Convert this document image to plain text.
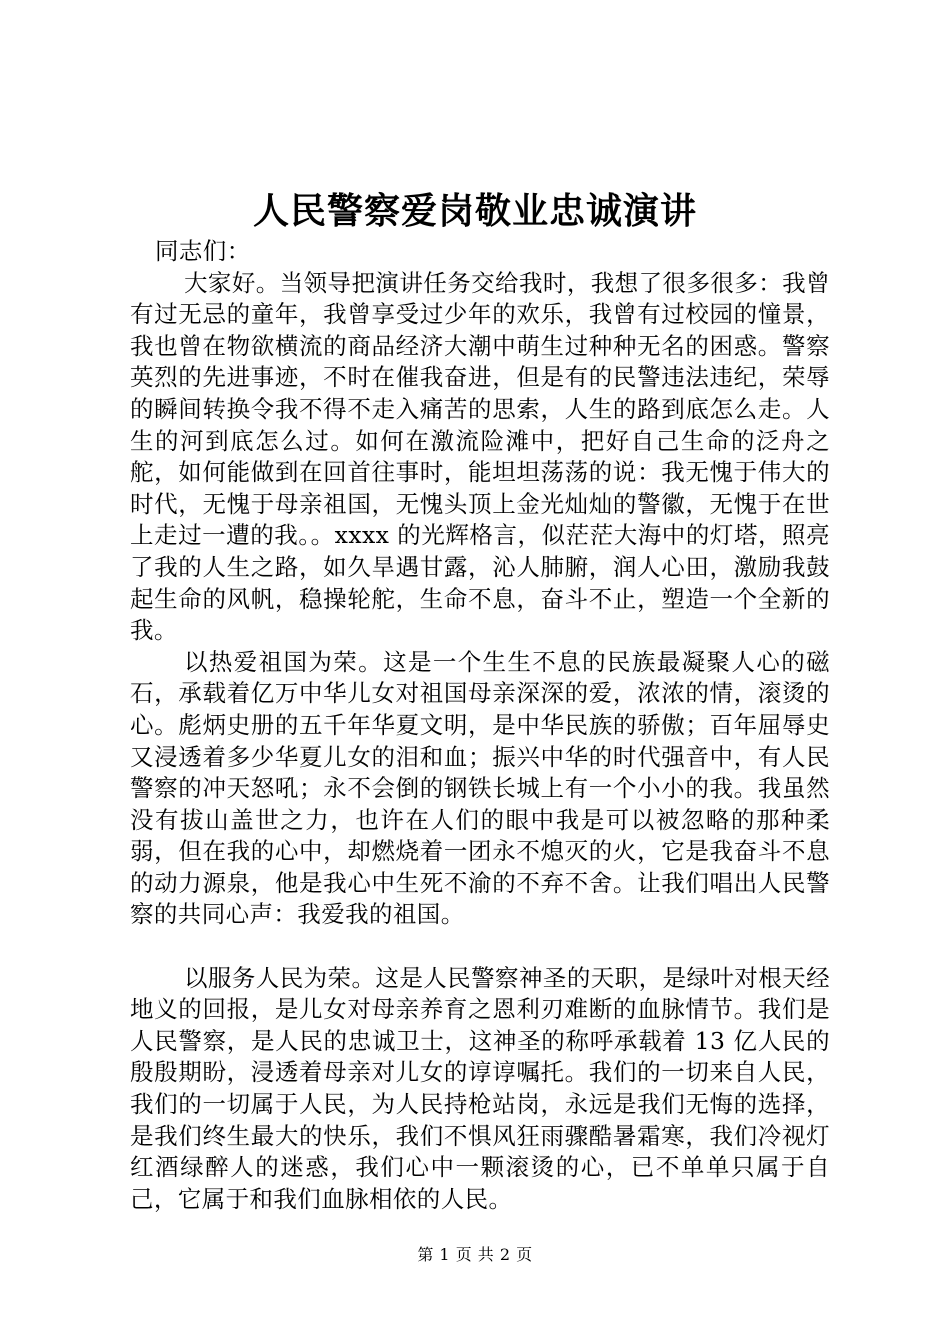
人民警察爱岗敬业忠诚演讲

同志们：

大家好。当领导把演讲任务交给我时，我想了很多很多：我曾有过无忌的童年，我曾享受过少年的欢乐，我曾有过校园的憧景，我也曾在物欲横流的商品经济大潮中萌生过种种无名的困惑。警察英烈的先进事迹，不时在催我奋进，但是有的民警违法违纪，荣辱的瞬间转换令我不得不走入痛苦的思索，人生的路到底怎么走。人生的河到底怎么过。如何在激流险滩中，把好自己生命的泛舟之舵，如何能做到在回首往事时，能坦坦荡荡的说：我无愧于伟大的时代，无愧于母亲祖国，无愧头顶上金光灿灿的警徽，无愧于在世上走过一遭的我。。xxxx 的光辉格言，似茫茫大海中的灯塔，照亮了我的人生之路，如久旱遇甘露，沁人肺腑，润人心田，激励我鼓起生命的风帆，稳操轮舵，生命不息，奋斗不止，塑造一个全新的我。

以热爱祖国为荣。这是一个生生不息的民族最凝聚人心的磁石，承载着亿万中华儿女对祖国母亲深深的爱，浓浓的情，滚烫的心。彪炳史册的五千年华夏文明，是中华民族的骄傲；百年屈辱史又浸透着多少华夏儿女的泪和血；振兴中华的时代强音中，有人民警察的冲天怒吼；永不会倒的钢铁长城上有一个小小的我。我虽然没有拔山盖世之力，也许在人们的眼中我是可以被忽略的那种柔弱，但在我的心中，却燃烧着一团永不熄灭的火，它是我奋斗不息的动力源泉，他是我心中生死不渝的不弃不舍。让我们唱出人民警察的共同心声：我爱我的祖国。

以服务人民为荣。这是人民警察神圣的天职，是绿叶对根天经地义的回报，是儿女对母亲养育之恩利刃难断的血脉情节。我们是人民警察，是人民的忠诚卫士，这神圣的称呼承载着 13 亿人民的殷殷期盼，浸透着母亲对儿女的谆谆嘱托。我们的一切来自人民，我们的一切属于人民，为人民持枪站岗，永远是我们无悔的选择，是我们终生最大的快乐，我们不惧风狂雨骤酷暑霜寒，我们冷视灯红酒绿醉人的迷惑，我们心中一颗滚烫的心，已不单单只属于自己，它属于和我们血脉相依的人民。

第 1 页 共 2 页
